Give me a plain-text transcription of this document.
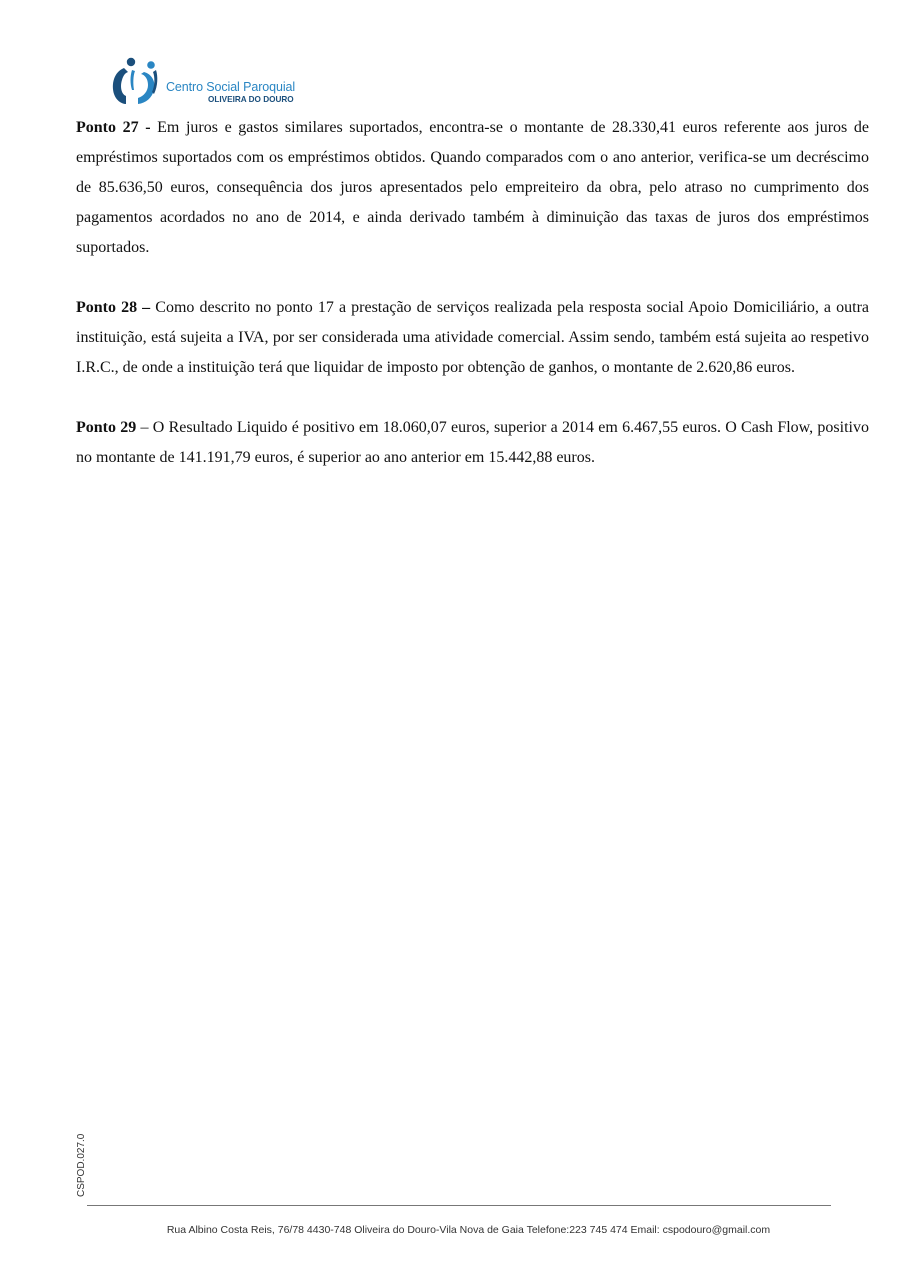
Centro Social Paroquial
OLIVEIRA DO DOURO

Ponto 27 - Em juros e gastos similares suportados, encontra-se o montante de 28.330,41 euros referente aos juros de empréstimos suportados com os empréstimos obtidos. Quando comparados com o ano anterior, verifica-se um decréscimo de 85.636,50 euros, consequência dos juros apresentados pelo empreiteiro da obra, pelo atraso no cumprimento dos pagamentos acordados no ano de 2014, e ainda derivado também à diminuição das taxas de juros dos empréstimos suportados.

Ponto 28 – Como descrito no ponto 17 a prestação de serviços realizada pela resposta social Apoio Domiciliário, a outra instituição, está sujeita a IVA, por ser considerada uma atividade comercial. Assim sendo, também está sujeita ao respetivo I.R.C., de onde a instituição terá que liquidar de imposto por obtenção de ganhos, o montante de 2.620,86 euros.

Ponto 29 – O Resultado Liquido é positivo em 18.060,07 euros, superior a 2014 em 6.467,55 euros. O Cash Flow, positivo no montante de 141.191,79 euros, é superior ao ano anterior em 15.442,88 euros.

CSPOD.027.0
Rua Albino Costa Reis, 76/78 4430-748 Oliveira do Douro-Vila Nova de Gaia Telefone:223 745 474 Email: cspodouro@gmail.com
